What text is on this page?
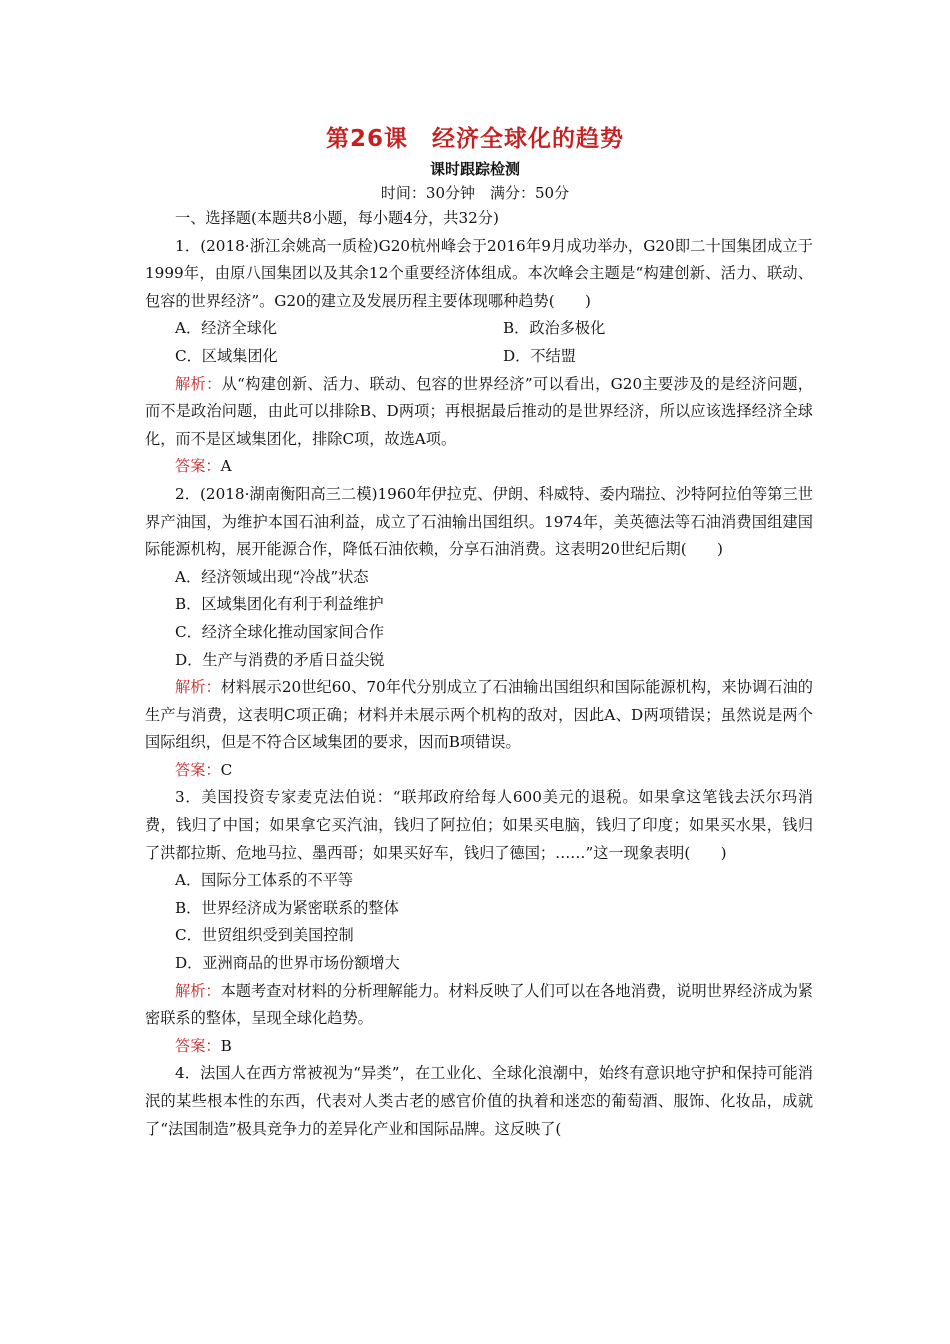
第26课　经济全球化的趋势
课时跟踪检测
时间：30分钟　满分：50分

一、选择题(本题共8小题，每小题4分，共32分)

1．(2018·浙江余姚高一质检)G20杭州峰会于2016年9月成功举办，G20即二十国集团成立于1999年，由原八国集团以及其余12个重要经济体组成。本次峰会主题是“构建创新、活力、联动、包容的世界经济”。G20的建立及发展历程主要体现哪种趋势(　　)

A．经济全球化	B．政治多极化
C．区域集团化	D．不结盟

解析：从“构建创新、活力、联动、包容的世界经济”可以看出，G20主要涉及的是经济问题，而不是政治问题，由此可以排除B、D两项；再根据最后推动的是世界经济，所以应该选择经济全球化，而不是区域集团化，排除C项，故选A项。

答案：A

2．(2018·湖南衡阳高三二模)1960年伊拉克、伊朗、科威特、委内瑞拉、沙特阿拉伯等第三世界产油国，为维护本国石油利益，成立了石油输出国组织。1974年，美英德法等石油消费国组建国际能源机构，展开能源合作，降低石油依赖，分享石油消费。这表明20世纪后期(　　)

A．经济领域出现“冷战”状态

B．区域集团化有利于利益维护

C．经济全球化推动国家间合作

D．生产与消费的矛盾日益尖锐

解析：材料展示20世纪60、70年代分别成立了石油输出国组织和国际能源机构，来协调石油的生产与消费，这表明C项正确；材料并未展示两个机构的敌对，因此A、D两项错误；虽然说是两个国际组织，但是不符合区域集团的要求，因而B项错误。

答案：C

3．美国投资专家麦克法伯说：“联邦政府给每人600美元的退税。如果拿这笔钱去沃尔玛消费，钱归了中国；如果拿它买汽油，钱归了阿拉伯；如果买电脑，钱归了印度；如果买水果，钱归了洪都拉斯、危地马拉、墨西哥；如果买好车，钱归了德国；……”这一现象表明(　　)

A．国际分工体系的不平等

B．世界经济成为紧密联系的整体

C．世贸组织受到美国控制

D．亚洲商品的世界市场份额增大

解析：本题考查对材料的分析理解能力。材料反映了人们可以在各地消费，说明世界经济成为紧密联系的整体，呈现全球化趋势。

答案：B

4．法国人在西方常被视为“异类”，在工业化、全球化浪潮中，始终有意识地守护和保持可能消泯的某些根本性的东西，代表对人类古老的感官价值的执着和迷恋的葡萄酒、服饰、化妆品，成就了“法国制造”极具竞争力的差异化产业和国际品牌。这反映了(
